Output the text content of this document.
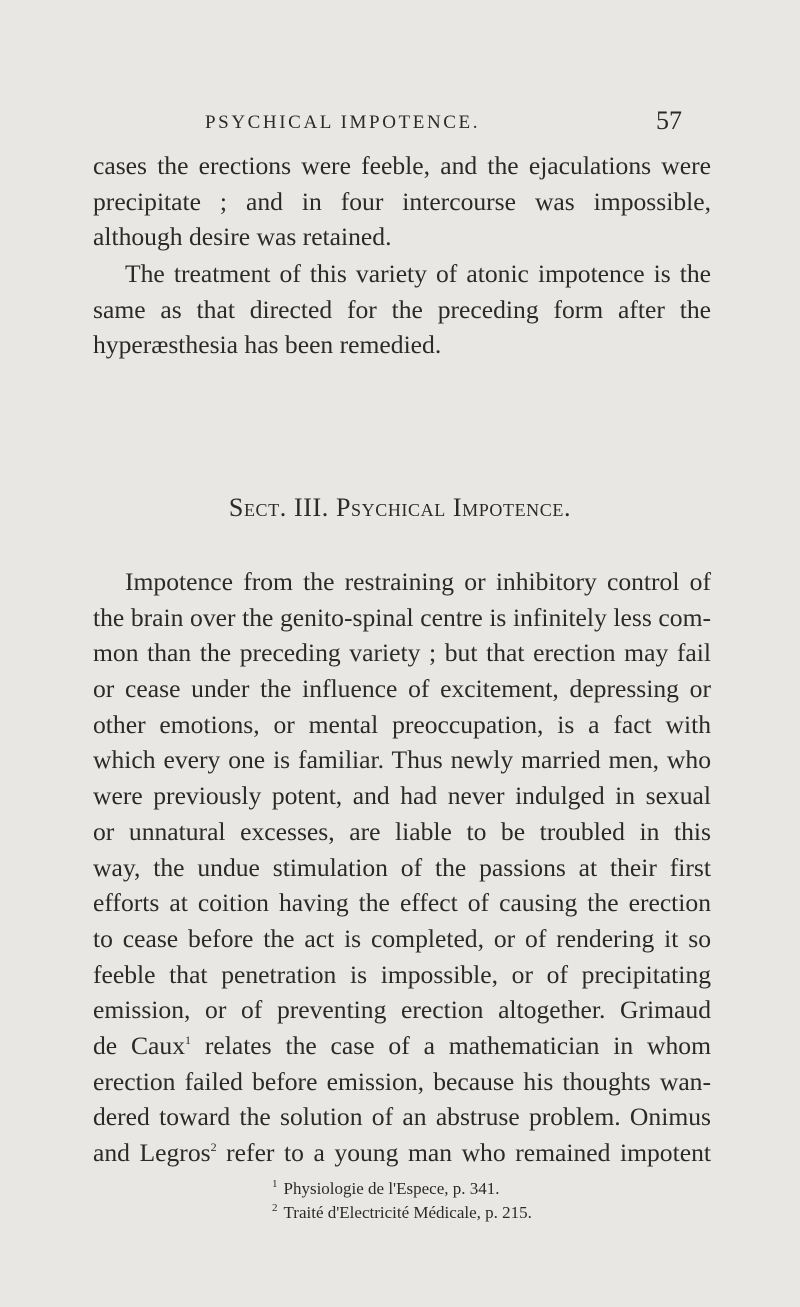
PSYCHICAL IMPOTENCE.	57
cases the erections were feeble, and the ejaculations were
precipitate ; and in four intercourse was impossible,
although desire was retained.
The treatment of this variety of atonic impotence is the
same as that directed for the preceding form after the
hyperæsthesia has been remedied.
Sect. III. Psychical Impotence.
Impotence from the restraining or inhibitory control of
the brain over the genito-spinal centre is infinitely less com-
mon than the preceding variety ; but that erection may fail
or cease under the influence of excitement, depressing or
other emotions, or mental preoccupation, is a fact with
which every one is familiar. Thus newly married men, who
were previously potent, and had never indulged in sexual
or unnatural excesses, are liable to be troubled in this
way, the undue stimulation of the passions at their first
efforts at coition having the effect of causing the erection
to cease before the act is completed, or of rendering it so
feeble that penetration is impossible, or of precipitating
emission, or of preventing erection altogether. Grimaud
de Caux$^1$ relates the case of a mathematician in whom
erection failed before emission, because his thoughts wan-
dered toward the solution of an abstruse problem. Onimus
and Legros$^2$ refer to a young man who remained impotent
$^1$ Physiologie de l'Espece, p. 341.
$^2$ Traité d'Electricité Médicale, p. 215.
